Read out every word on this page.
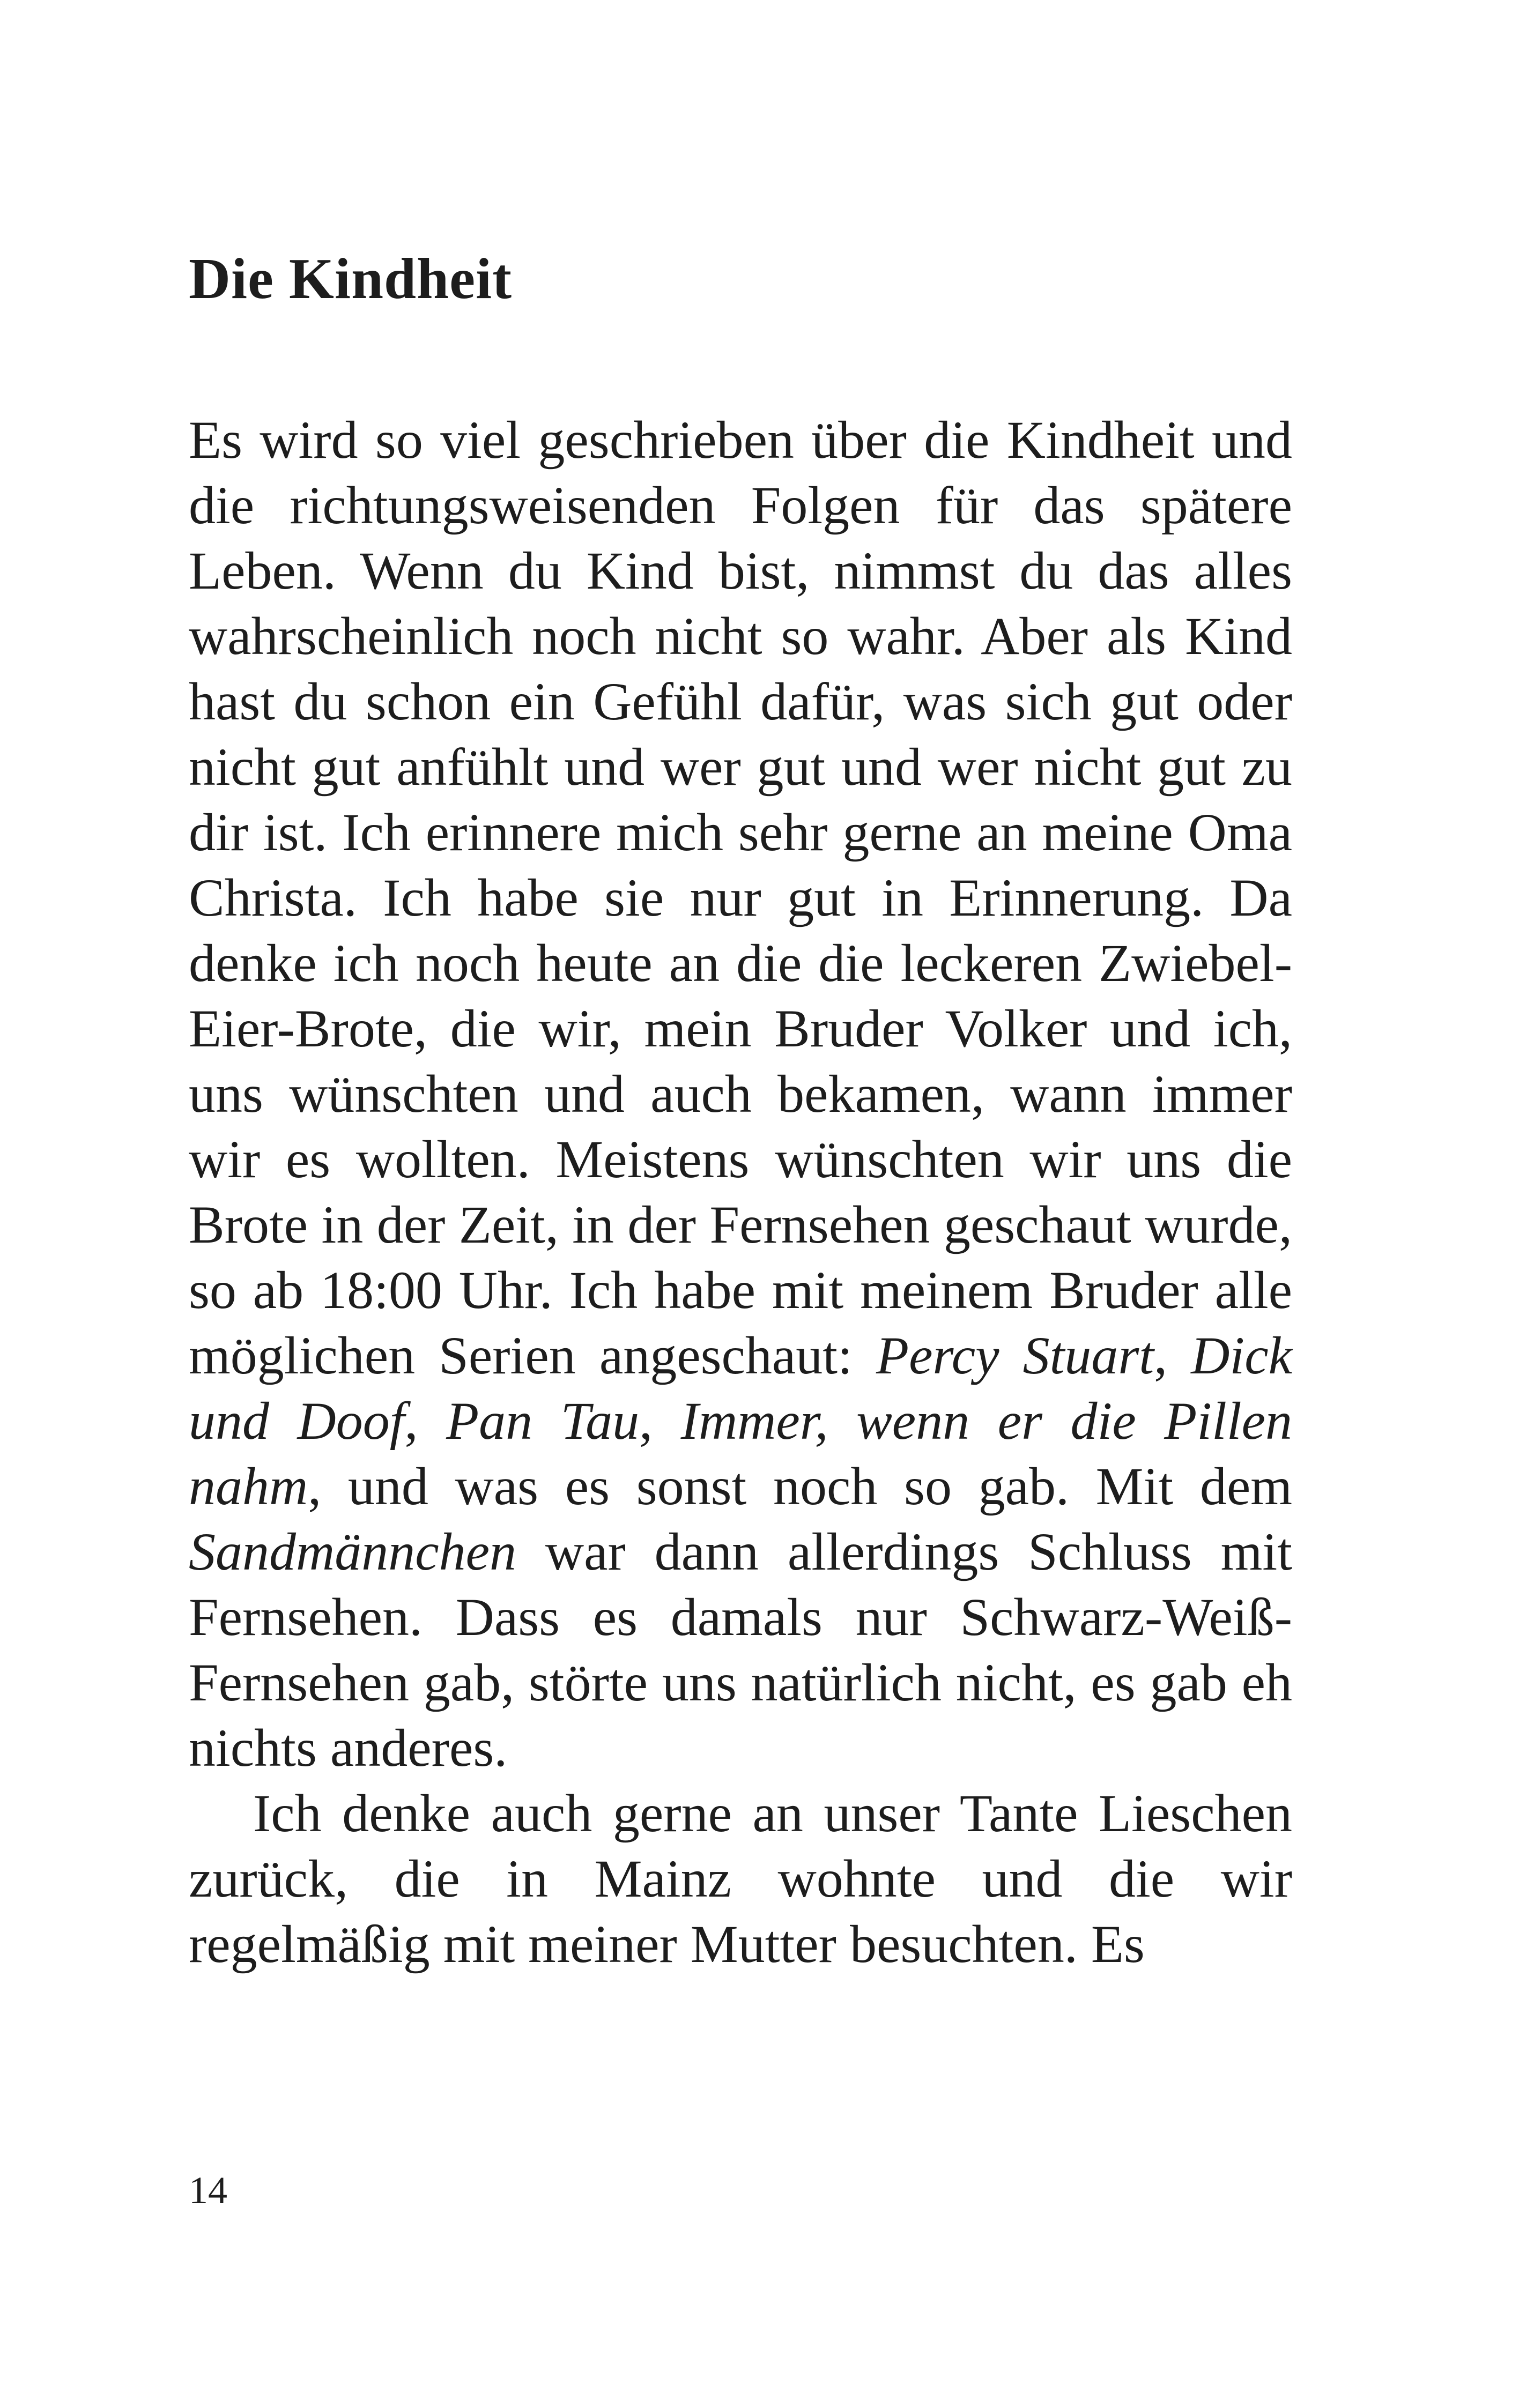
Die Kindheit

Es wird so viel geschrieben über die Kindheit und die richtungsweisenden Folgen für das spätere Leben. Wenn du Kind bist, nimmst du das alles wahrscheinlich noch nicht so wahr. Aber als Kind hast du schon ein Gefühl dafür, was sich gut oder nicht gut anfühlt und wer gut und wer nicht gut zu dir ist. Ich erinnere mich sehr gerne an meine Oma Christa. Ich habe sie nur gut in Erinnerung. Da denke ich noch heute an die die leckeren Zwiebel-Eier-Brote, die wir, mein Bruder Volker und ich, uns wünschten und auch bekamen, wann immer wir es wollten. Meistens wünschten wir uns die Brote in der Zeit, in der Fernsehen geschaut wurde, so ab 18:00 Uhr. Ich habe mit meinem Bruder alle möglichen Serien angeschaut: Percy Stuart, Dick und Doof, Pan Tau, Immer, wenn er die Pillen nahm, und was es sonst noch so gab. Mit dem Sandmännchen war dann allerdings Schluss mit Fernsehen. Dass es damals nur Schwarz-Weiß-Fernsehen gab, störte uns natürlich nicht, es gab eh nichts anderes.

Ich denke auch gerne an unser Tante Lieschen zurück, die in Mainz wohnte und die wir regelmäßig mit meiner Mutter besuchten. Es

14
